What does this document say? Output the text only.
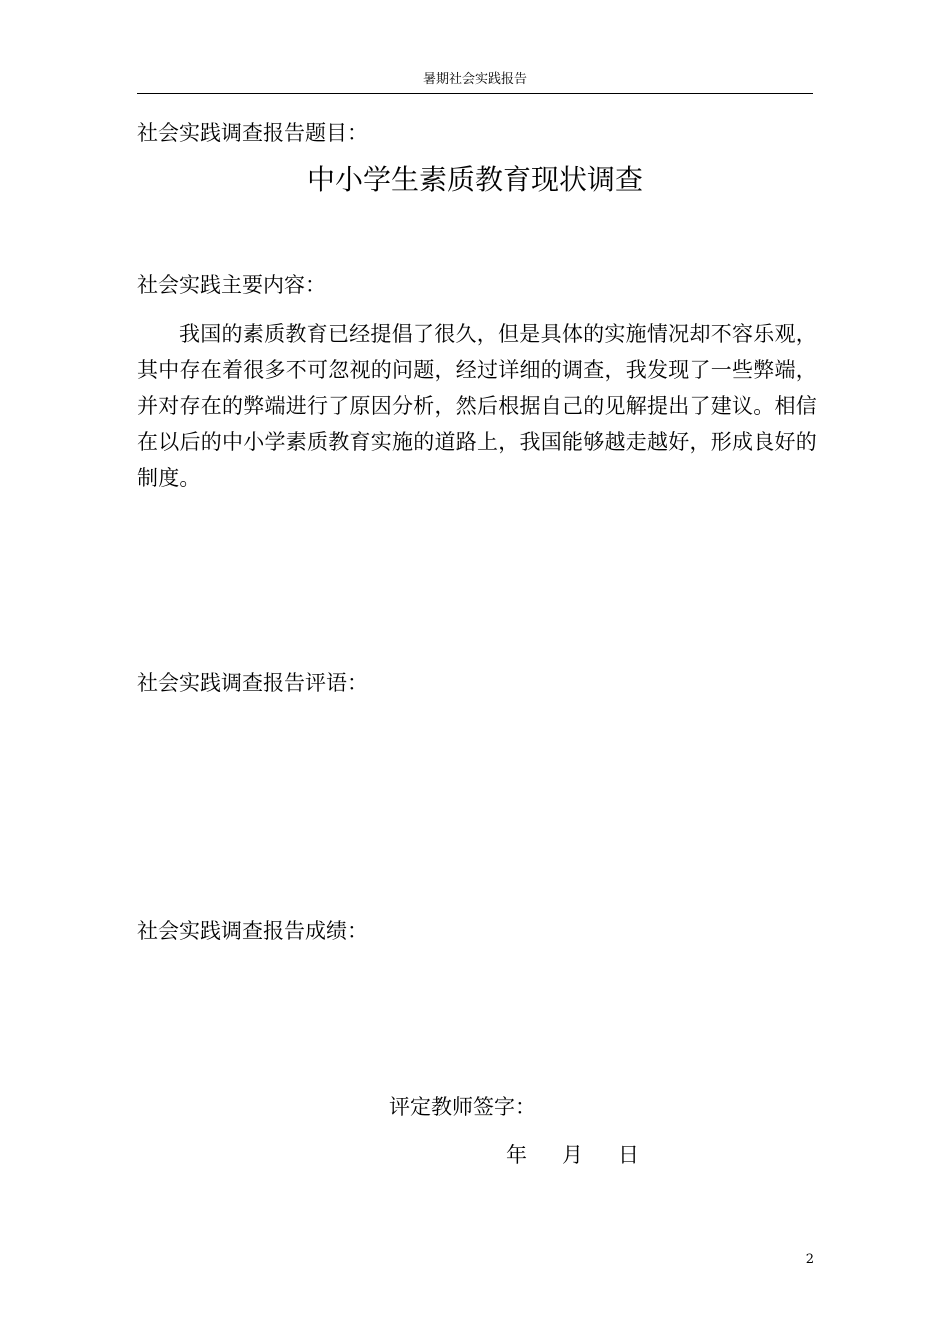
暑期社会实践报告
社会实践调查报告题目：
中小学生素质教育现状调查
社会实践主要内容：

我国的素质教育已经提倡了很久，但是具体的实施情况却不容乐观，其中存在着很多不可忽视的问题，经过详细的调查，我发现了一些弊端，并对存在的弊端进行了原因分析，然后根据自己的见解提出了建议。相信在以后的中小学素质教育实施的道路上，我国能够越走越好，形成良好的制度。

社会实践调查报告评语：
社会实践调查报告成绩：
评定教师签字：
年 月 日
2
